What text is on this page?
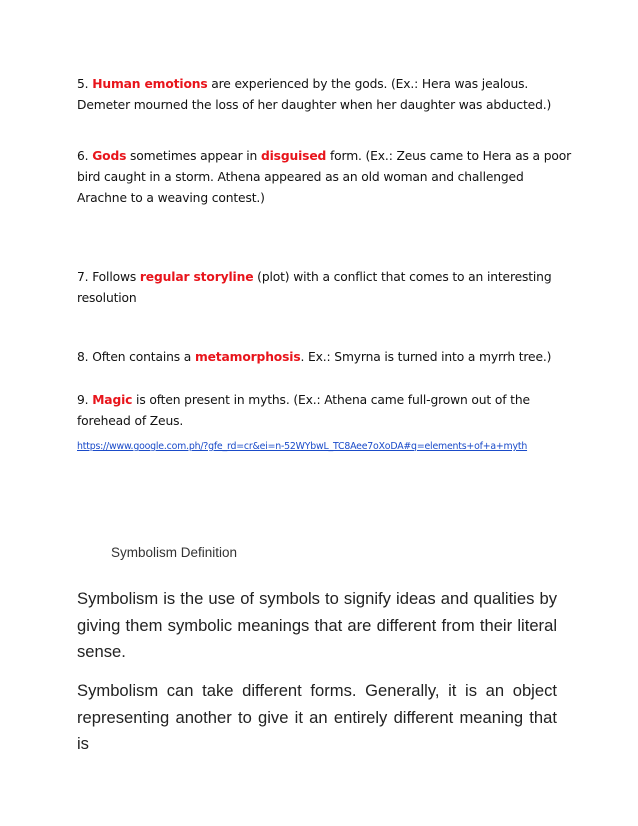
5. Human emotions are experienced by the gods. (Ex.: Hera was jealous. Demeter mourned the loss of her daughter when her daughter was abducted.)

6. Gods sometimes appear in disguised form. (Ex.: Zeus came to Hera as a poor bird caught in a storm. Athena appeared as an old woman and challenged Arachne to a weaving contest.)

7. Follows regular storyline (plot) with a conflict that comes to an interesting resolution

8. Often contains a metamorphosis. Ex.: Smyrna is turned into a myrrh tree.)

9. Magic is often present in myths. (Ex.: Athena came full-grown out of the forehead of Zeus.

https://www.google.com.ph/?gfe_rd=cr&ei=n-52WYbwL_TC8Aee7oXoDA#q=elements+of+a+myth
Symbolism Definition

Symbolism is the use of symbols to signify ideas and qualities by giving them symbolic meanings that are different from their literal sense.

Symbolism can take different forms. Generally, it is an object representing another to give it an entirely different meaning that is
